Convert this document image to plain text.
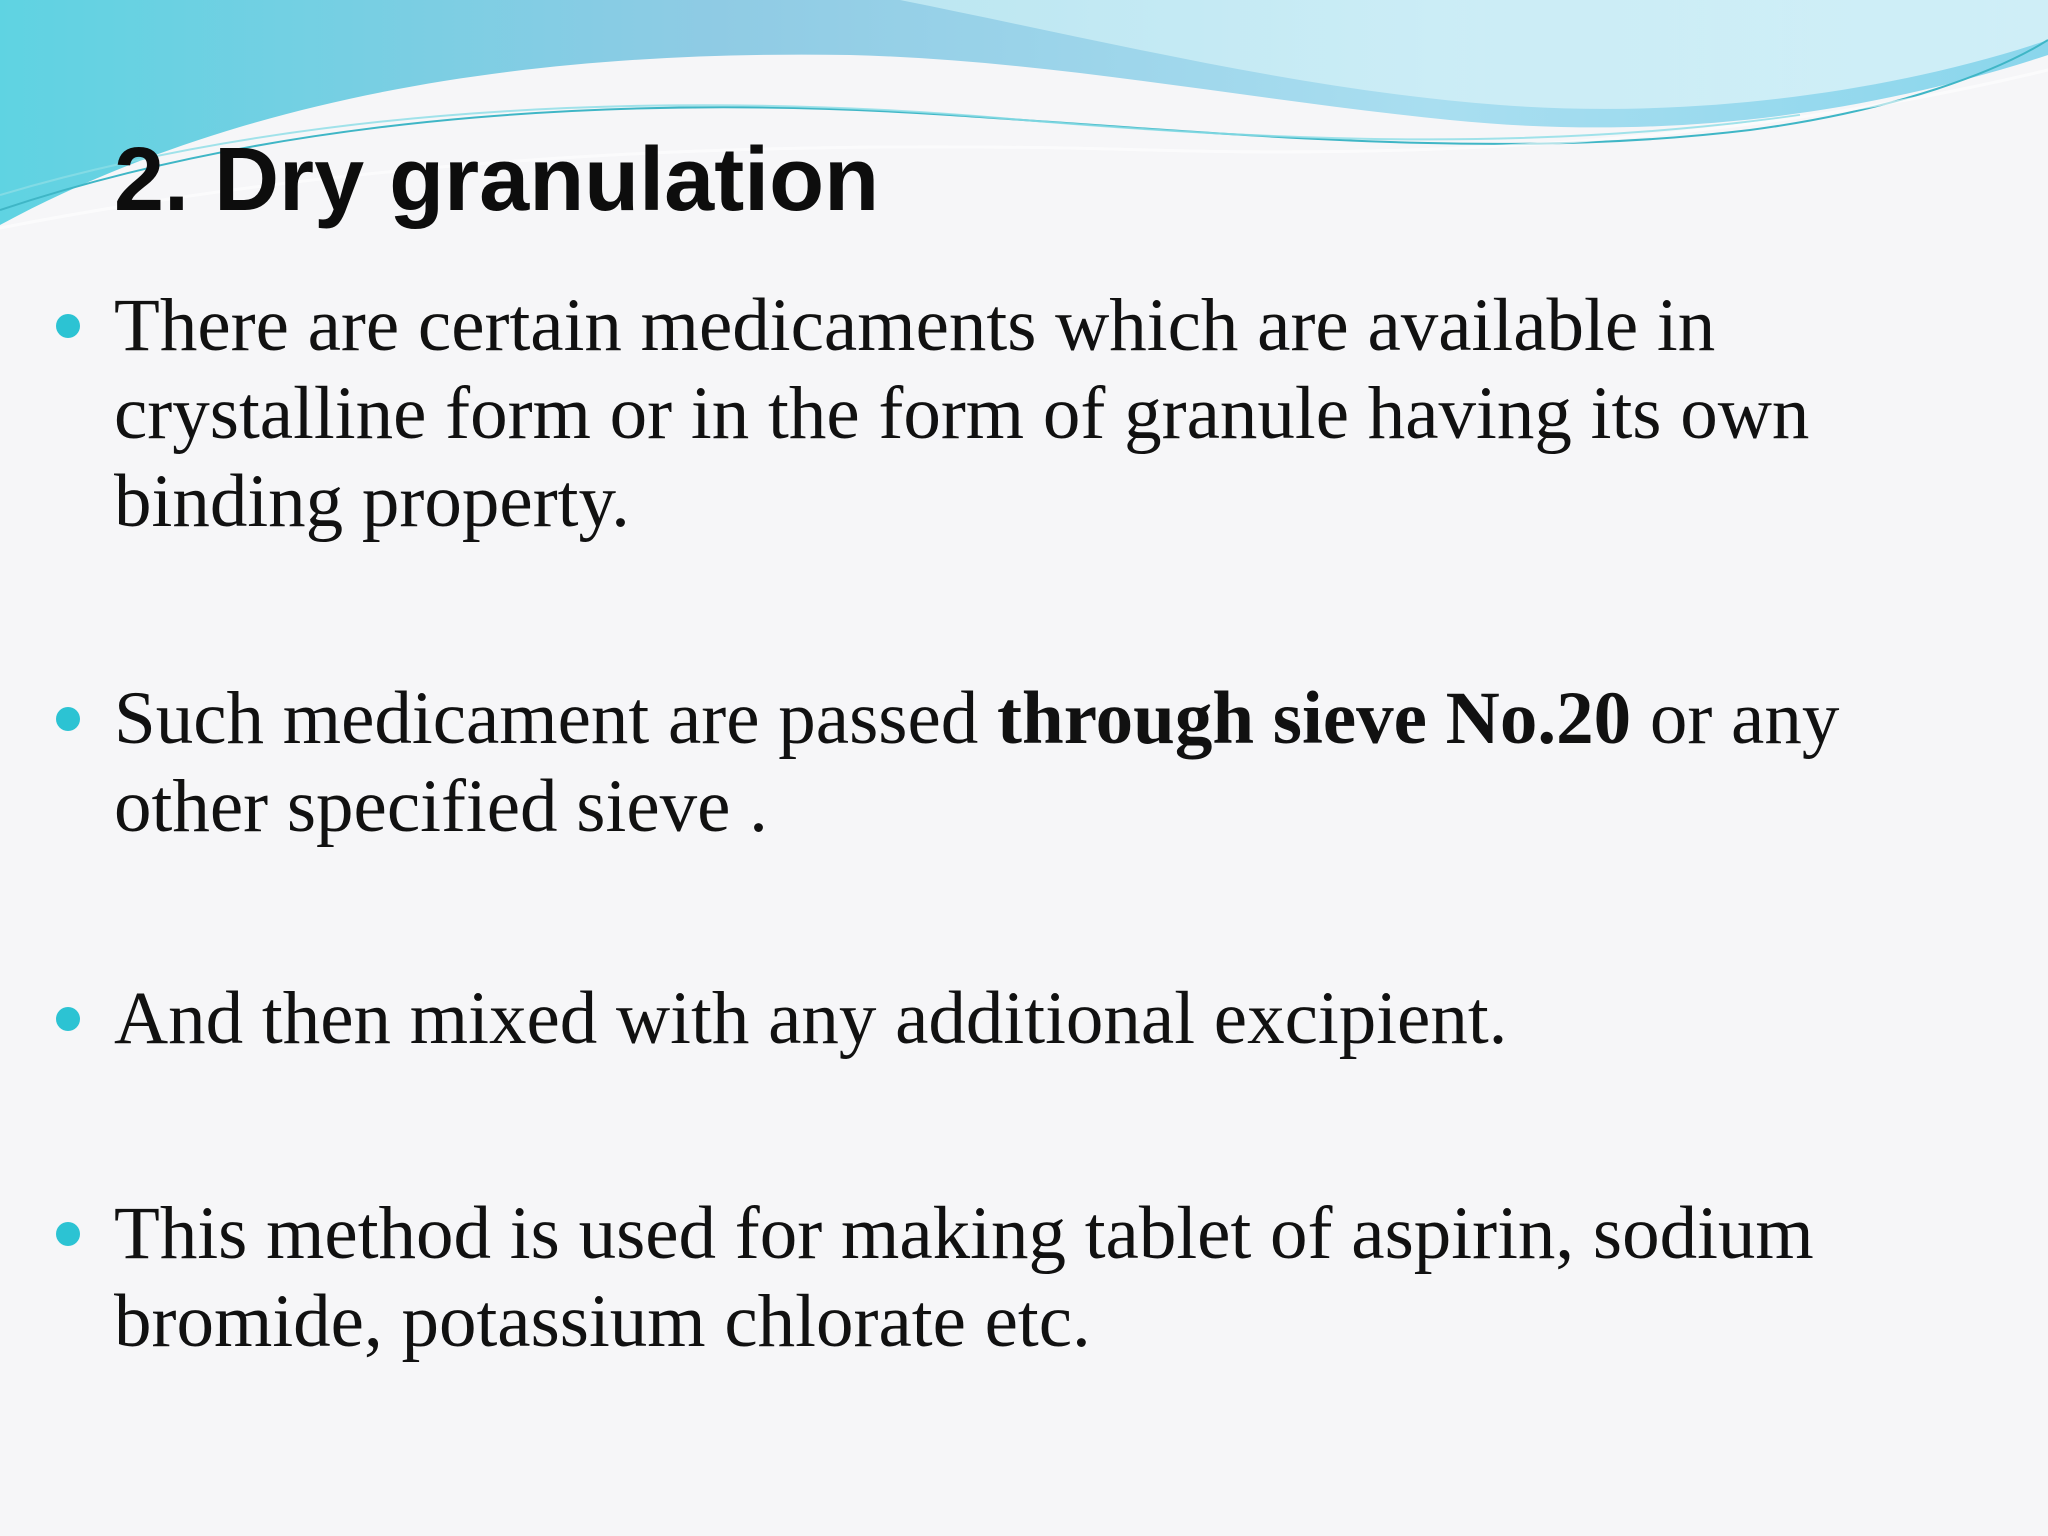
2. Dry granulation
There are certain medicaments which are available in
crystalline form or in the form of granule having its own
binding property.
Such medicament are passed through sieve No.20 or any
other specified sieve .
And then mixed with any additional excipient.
This method is used for making tablet of aspirin, sodium
bromide, potassium chlorate etc.
